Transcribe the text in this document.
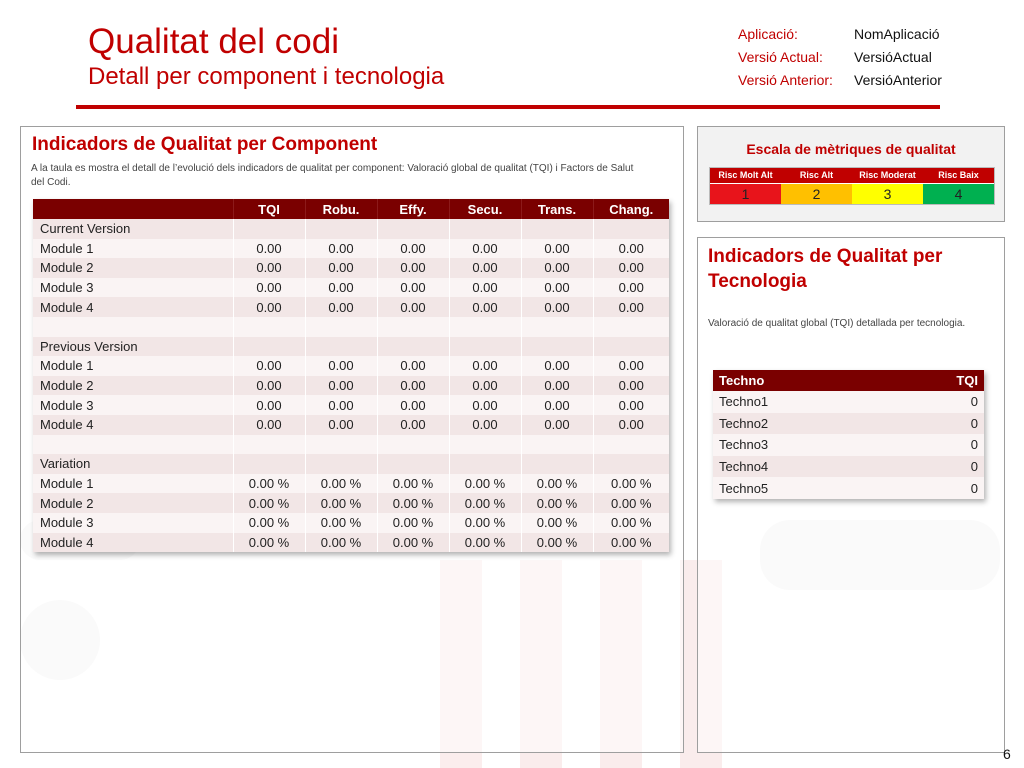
Qualitat del codi
Detall per component i tecnologia
Aplicació:	NomAplicació
Versió Actual:	VersióActual
Versió Anterior:	VersióAnterior
Indicadors de Qualitat per Component
A la taula es mostra el detall de l’evolució dels indicadors de qualitat per component: Valoració global de qualitat (TQI) i Factors de Salut del Codi.
	TQI	Robu.	Effy.	Secu.	Trans.	Chang.
Current Version						
Module 1	0.00	0.00	0.00	0.00	0.00	0.00
Module 2	0.00	0.00	0.00	0.00	0.00	0.00
Module 3	0.00	0.00	0.00	0.00	0.00	0.00
Module 4	0.00	0.00	0.00	0.00	0.00	0.00

Previous Version						
Module 1	0.00	0.00	0.00	0.00	0.00	0.00
Module 2	0.00	0.00	0.00	0.00	0.00	0.00
Module 3	0.00	0.00	0.00	0.00	0.00	0.00
Module 4	0.00	0.00	0.00	0.00	0.00	0.00

Variation						
Module 1	0.00 %	0.00 %	0.00 %	0.00 %	0.00 %	0.00 %
Module 2	0.00 %	0.00 %	0.00 %	0.00 %	0.00 %	0.00 %
Module 3	0.00 %	0.00 %	0.00 %	0.00 %	0.00 %	0.00 %
Module 4	0.00 %	0.00 %	0.00 %	0.00 %	0.00 %	0.00 %
Escala de mètriques de qualitat
Risc Molt Alt
1
Risc Alt
2
Risc Moderat
3
Risc Baix
4
Indicadors de Qualitat per Tecnologia
Valoració de qualitat global (TQI) detallada per tecnologia.
Techno	TQI
Techno1	0
Techno2	0
Techno3	0
Techno4	0
Techno5	0
6
